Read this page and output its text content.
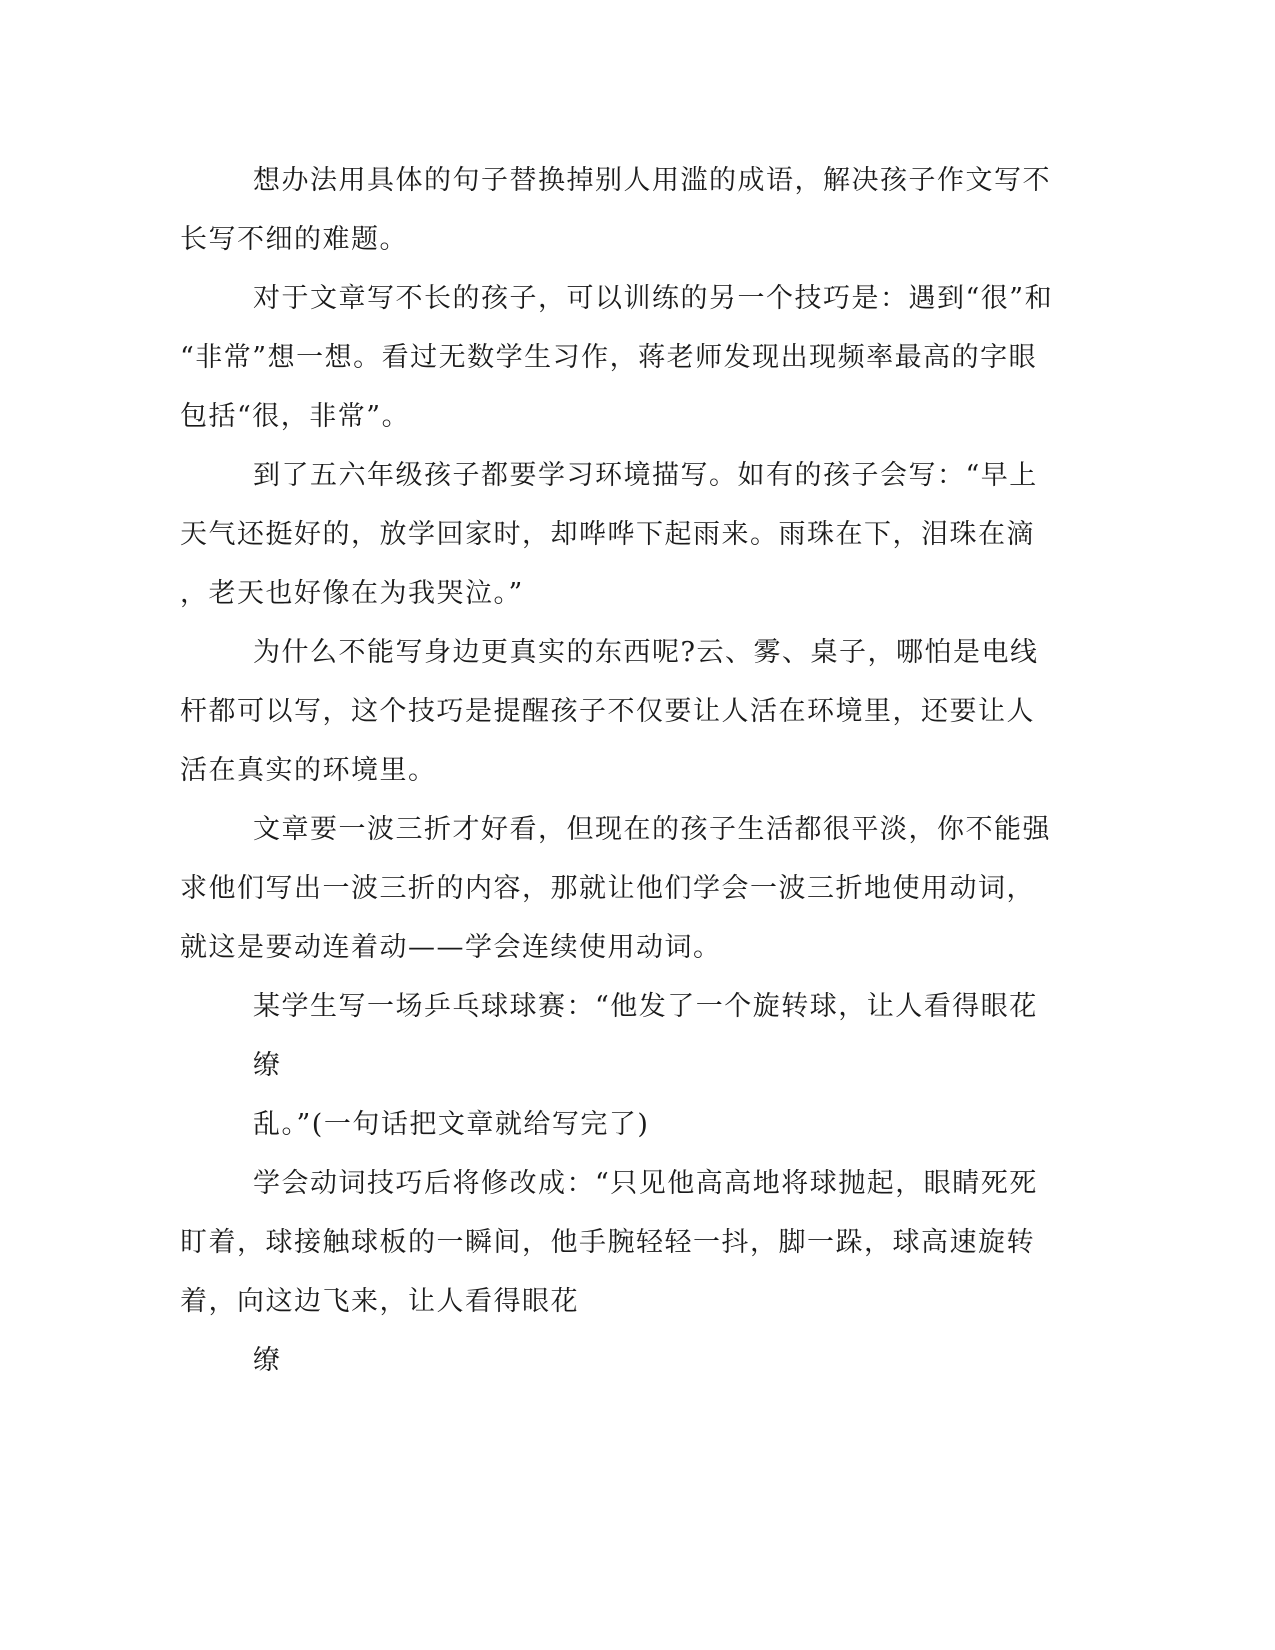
想办法用具体的句子替换掉别人用滥的成语，解决孩子作文写不
长写不细的难题。
对于文章写不长的孩子，可以训练的另一个技巧是：遇到“很”和
“非常”想一想。看过无数学生习作，蒋老师发现出现频率最高的字眼
包括“很，非常”。
到了五六年级孩子都要学习环境描写。如有的孩子会写：“早上
天气还挺好的，放学回家时，却哗哗下起雨来。雨珠在下，泪珠在滴
，老天也好像在为我哭泣。”
为什么不能写身边更真实的东西呢?云、雾、桌子，哪怕是电线
杆都可以写，这个技巧是提醒孩子不仅要让人活在环境里，还要让人
活在真实的环境里。
文章要一波三折才好看，但现在的孩子生活都很平淡，你不能强
求他们写出一波三折的内容，那就让他们学会一波三折地使用动词，
就这是要动连着动——学会连续使用动词。
某学生写一场乒乓球球赛：“他发了一个旋转球，让人看得眼花
缭
乱。”(一句话把文章就给写完了)
学会动词技巧后将修改成：“只见他高高地将球抛起，眼睛死死
盯着，球接触球板的一瞬间，他手腕轻轻一抖，脚一跺，球高速旋转
着，向这边飞来，让人看得眼花
缭
